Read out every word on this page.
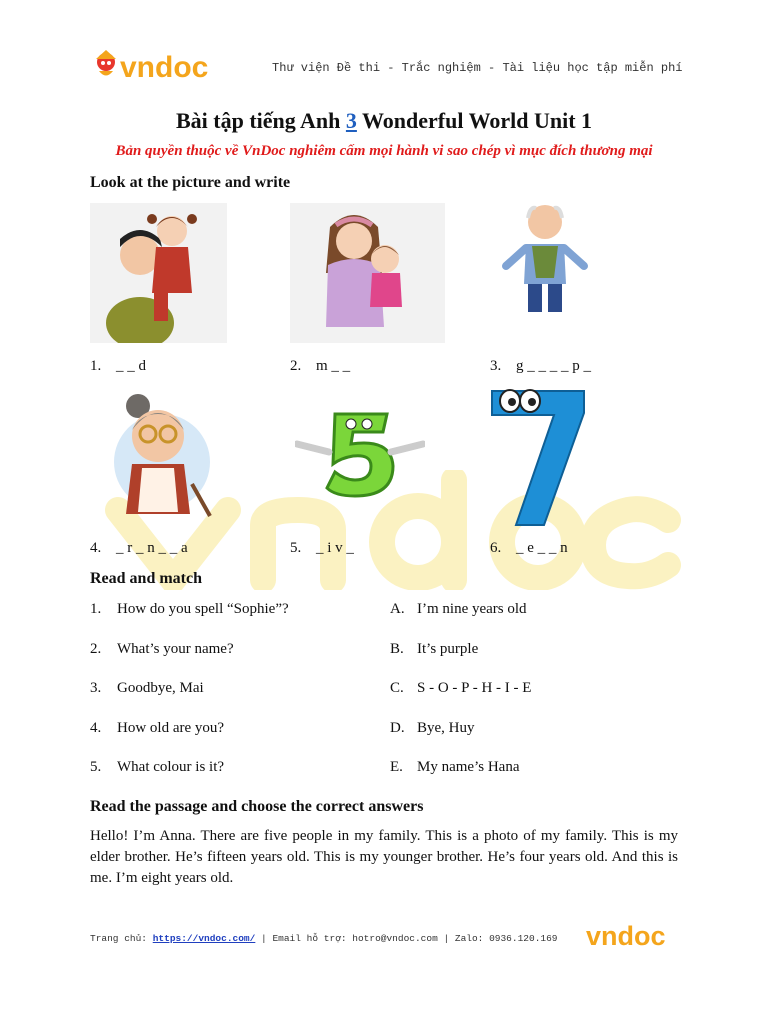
vndoc	Thư viện Đề thi - Trắc nghiệm - Tài liệu học tập miễn phí
Bài tập tiếng Anh 3 Wonderful World Unit 1
Bản quyền thuộc về VnDoc nghiêm cấm mọi hành vi sao chép vì mục đích thương mại
Look at the picture and write
1. _ _ d	2. m _ _	3. g _ _ _ _ p _
4. _ r _ n _ _ a	5. _ i v _	6. _ e _ _ n
Read and match
1. How do you spell “Sophie”?
2. What’s your name?
3. Goodbye, Mai
4. How old are you?
5. What colour is it?
A. I’m nine years old
B. It’s purple
C. S - O - P - H - I - E
D. Bye, Huy
E. My name’s Hana
Read the passage and choose the correct answers
Hello! I’m Anna. There are five people in my family. This is a photo of my family. This is my elder brother. He’s fifteen years old. This is my younger brother. He’s four years old. And this is me. I’m eight years old.
Trang chủ: https://vndoc.com/ | Email hỗ trợ: hotro@vndoc.com | Zalo: 0936.120.169 vndoc
